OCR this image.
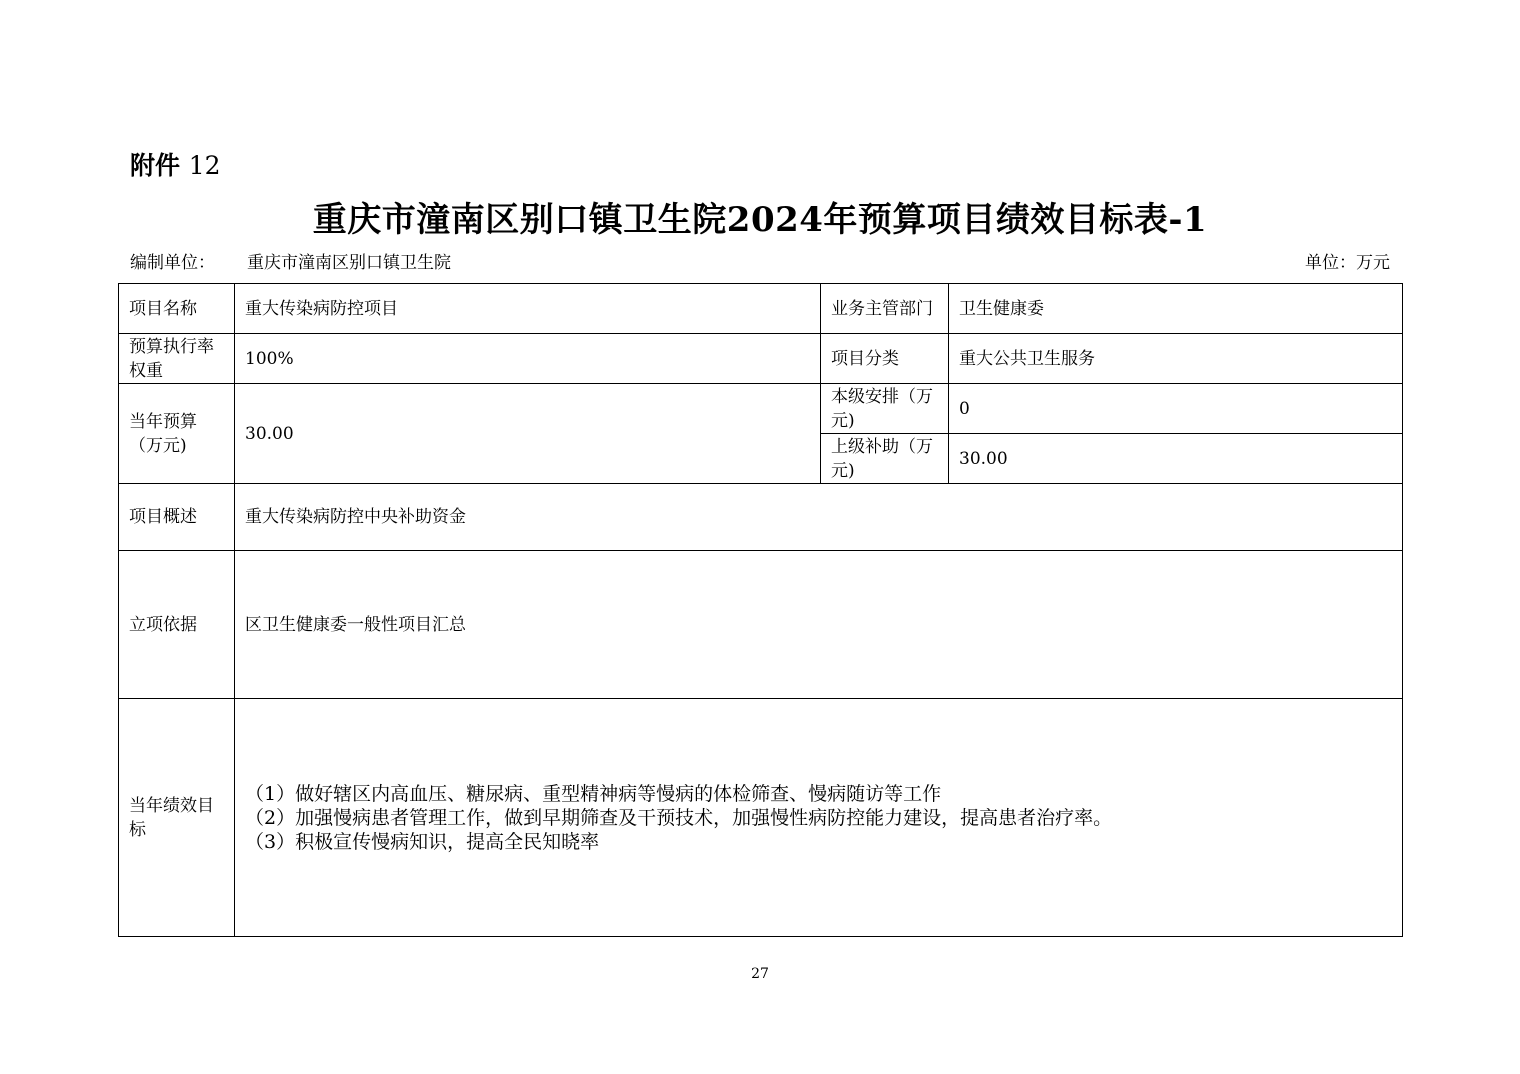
附件 12
重庆市潼南区别口镇卫生院2024年预算项目绩效目标表-1
编制单位： 重庆市潼南区别口镇卫生院	单位：万元
项目名称	重大传染病防控项目	业务主管部门	卫生健康委
预算执行率权重	100%	项目分类	重大公共卫生服务
当年预算（万元)	30.00	本级安排（万元)	0
		上级补助（万元)	30.00
项目概述	重大传染病防控中央补助资金		
立项依据	区卫生健康委一般性项目汇总		
当年绩效目标	（1）做好辖区内高血压、糖尿病、重型精神病等慢病的体检筛查、慢病随访等工作
（2）加强慢病患者管理工作，做到早期筛查及干预技术，加强慢性病防控能力建设，提高患者治疗率。
（3）积极宣传慢病知识，提高全民知晓率		
27
